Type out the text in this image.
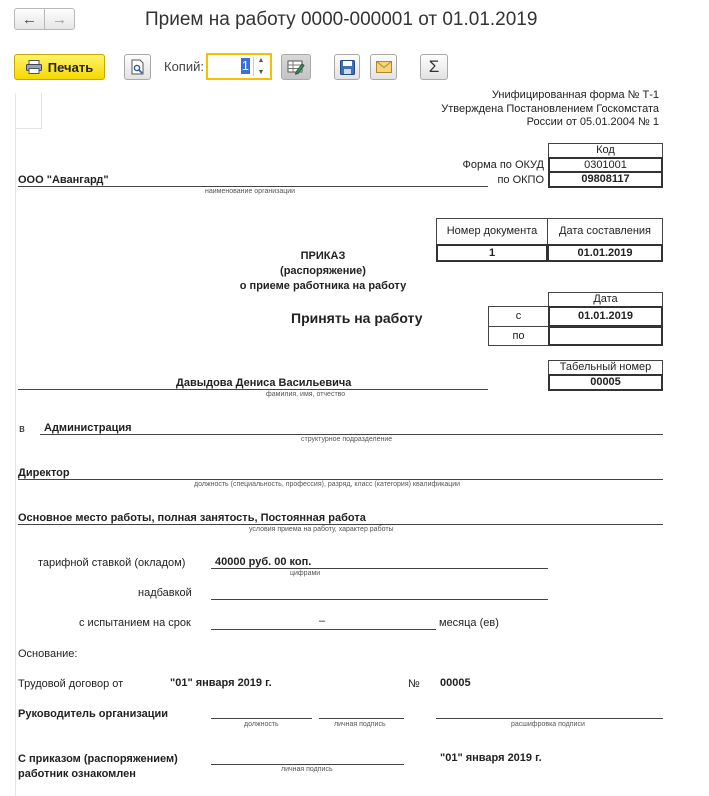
← →	Прием на работу 0000-000001 от 01.01.2019
Печать	Копий:	1 ▲
▼	Σ
Унифицированная форма № Т-1
Утверждена Постановлением Госкомстата
России от 05.01.2004 № 1
Код
Форма по ОКУД	0301001
по ОКПО	09808117
ООО "Авангард"
наименование организации
Номер документа	Дата составления
1	01.01.2019
ПРИКАЗ
(распоряжение)
о приеме работника на работу
Дата
Принять на работу	с	01.01.2019
по
Табельный номер
00005
Давыдова Дениса Васильевича
фамилия, имя, отчество
в Администрация
структурное подразделение
Директор
должность (специальность, профессия), разряд, класс (категория) квалификации
Основное место работы, полная занятость, Постоянная работа
условия приема на работу, характер работы
тарифной ставкой (окладом)	40000 руб. 00 коп.
цифрами
надбавкой
с испытанием на срок	–	месяца (ев)
Основание:
Трудовой договор от	"01" января 2019 г.	№ 00005
Руководитель организации
должность	личная подпись	расшифровка подписи
С приказом (распоряжением)
работник ознакомлен	личная подпись
"01" января 2019 г.
